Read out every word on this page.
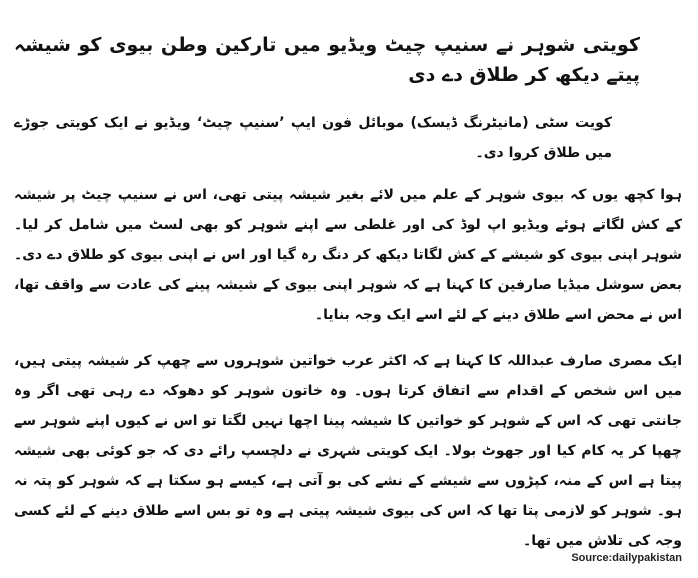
کویتی شوہر نے سنیپ چیٹ ویڈیو میں تارکین وطن بیوی کو شیشہ پیتے دیکھ کر طلاق دے دی
کویت سٹی (مانیٹرنگ ڈیسک) موبائل فون ایپ ’سنیپ چیٹ‘ ویڈیو نے ایک کویتی جوڑے میں طلاق کروا دی۔

ہوا کچھ یوں کہ بیوی شوہر کے علم میں لائے بغیر شیشہ پیتی تھی، اس نے سنیپ چیٹ پر شیشہ کے کش لگاتے ہوئے ویڈیو اپ لوڈ کی اور غلطی سے اپنے شوہر کو بھی لسٹ میں شامل کر لیا۔ شوہر اپنی بیوی کو شیشے کے کش لگاتا دیکھ کر دنگ رہ گیا اور اس نے اپنی بیوی کو طلاق دے دی۔ بعض سوشل میڈیا صارفین کا کہنا ہے کہ شوہر اپنی بیوی کے شیشہ پینے کی عادت سے واقف تھا، اس نے محض اسے طلاق دینے کے لئے اسے ایک وجہ بنایا۔

ایک مصری صارف عبداللہ کا کہنا ہے کہ اکثر عرب خواتین شوہروں سے چھپ کر شیشہ پیتی ہیں، میں اس شخص کے اقدام سے اتفاق کرتا ہوں۔ وہ خاتون شوہر کو دھوکہ دے رہی تھی اگر وہ جانتی تھی کہ اس کے شوہر کو خواتین کا شیشہ پینا اچھا نہیں لگتا تو اس نے کیوں اپنے شوہر سے چھپا کر یہ کام کیا اور جھوٹ بولا۔ ایک کویتی شہری نے دلچسپ رائے دی کہ جو کوئی بھی شیشہ پیتا ہے اس کے منہ، کپڑوں سے شیشے کے نشے کی بو آتی ہے، کیسے ہو سکتا ہے کہ شوہر کو پتہ نہ ہو۔ شوہر کو لازمی پتا تھا کہ اس کی بیوی شیشہ پیتی ہے وہ تو بس اسے طلاق دینے کے لئے کسی وجہ کی تلاش میں تھا۔

Source:dailypakistan
